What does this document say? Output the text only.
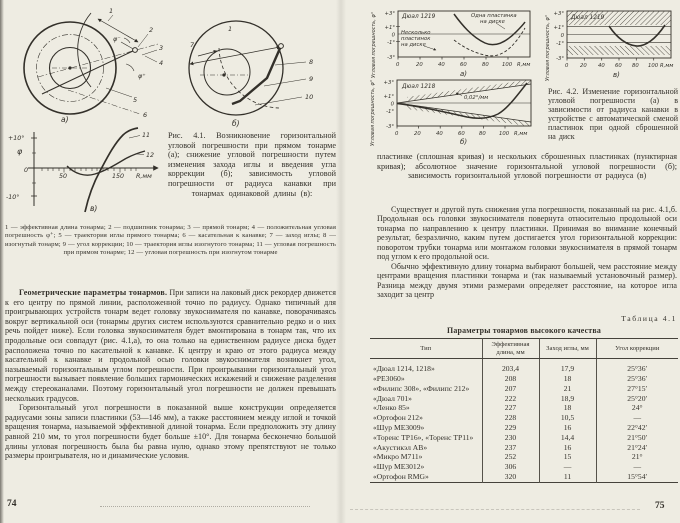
1
2
3
4
5
6
φ⁻
φ⁺
а)
1
7
8
9
10
б)
+10°
φ
0
-10°
50	150 R,мм
11
12
в)
Рис. 4.1. Возникновение горизонтальной угловой погрешности при прямом тонарме (а); снижение угловой погрешности путем изменения захода иглы и введения угла коррекции (б); зависимость угловой погрешности от радиуса канавки при тонармах одинаковой длины (в):
1 — эффективная длина тонарма; 2 — подшипник тонарма; 3 — прямой тонарм; 4 — положительная угловая погрешность φ⁺; 5 — траектория иглы прямого тонарма; 6 — касательная к канавке; 7 — заход иглы; 8 — изогнутый тонарм; 9 — угол коррекции; 10 — траектория иглы изогнутого тонарма; 11 — угловая погрешность при прямом тонарме; 12 — угловая погрешность при изогнутом тонарме

Геометрические параметры тонармов. При записи на лаковый диск рекордер движется к его центру по прямой линии, расположенной точно по радиусу. Однако типичный для проигрывающих устройств тонарм ведет головку звукоснимателя по канавке, поворачиваясь вокруг вертикальной оси (тонармы других систем используются сравнительно редко и о них речь пойдет ниже). Если головка звукоснимателя будет вмонтирована в тонарм так, что их продольные оси совпадут (рис. 4.1,а), то она только на единственном радиусе диска будет расположена точно по касательной к канавке. К центру и краю от этого радиуса между касательной к канавке и продольной осью головки звукоснимателя возникнет угол, называемый горизонтальным углом погрешности. При проигрывании горизонтальный угол погрешности вызывает появление больших гармонических искажений и снижение разделения между стереоканалами. Поэтому горизонтальный угол погрешности не должен превышать нескольких градусов.

Горизонтальный угол погрешности в показанной выше конструкции определяется радиусами зоны записи пластинки (53—146 мм), а также расстоянием между иглой и точкой вращения тонарма, называемой эффективной длиной тонарма. Если предположить эту длину равной 210 мм, то угол погрешности будет больше ±10°. Для тонарма бесконечно большой длины угловая погрешность была бы равна нулю, однако этому препятствуют не только размеры проигрывателя, но и динамические условия.

74
Дюал 1219	Одна пластинка
на диске
Несколько
пластинок
на диске
+3°
+1°
0
-1°
-3°
0	20	40	60	80	100 R,мм
а)
Угловая погрешность, φ°	Дюал 1219
+3°
+1°
0
-1°
-3°
0 20 40 60 80 100 R,мм
в)
Угловая погрешность, φ°
Дюал 1218
0,02°/мм
+3°
+1°
0
-1°
-3°
0	20	40	60	80	100 R,мм
б)
Угловая погрешность, φ°	Рис. 4.2. Изменение горизонтальной угловой погрешности (а) в зависимости от радиуса канавки в устройстве с автоматической сменой пластинок при одной сброшенной на диск
пластинке (сплошная кривая) и нескольких сброшенных пластинках (пунктирная кривая); абсолютное значение горизонтальной угловой погрешности (б); зависимость горизонтальной угловой погрешности от радиуса (в)

Существует и другой путь снижения угла погрешности, показанный на рис. 4.1,б. Продольная ось головки звукоснимателя повернута относительно продольной оси тонарма по направлению к центру пластинки. Принимая во внимание конечный результат, безразлично, каким путем достигается угол горизонтальной коррекции: поворотом трубки тонарма или монтажом головки звукоснимателя в прямой тонарм под углом к его продольной оси.

Обычно эффективную длину тонарма выбирают большей, чем расстояние между центрами вращения пластинки тонарма и (так называемый установочный размер). Разница между двумя этими размерами определяет расстояние, на которое игла заходит за центр

Таблица 4.1
Параметры тонармов высокого качества
Тип	Эффективная длина, мм	Заход иглы, мм	Угол коррекции
«Дюал 1214, 1218»	203,4	17,9	25°36′
«РЕ3060»	208	18	25°36′
«Филипс 308», «Филипс 212»	207	21	27°15′
«Дюал 701»	222	18,9	25°20′
«Ленко 85»	227	18	24°
«Ортофон 212»	228	10,5	—
«Шур МЕ3009»	229	16	22°42′
«Торенс ТР16», «Торенс ТР11»	230	14,4	21°50′
«Акустикэл АВ»	237	16	21°24′
«Микро М711»	252	15	21°
«Шур МЕ3012»	306	—	—
«Ортофон RMG»	320	11	15°54′
75
